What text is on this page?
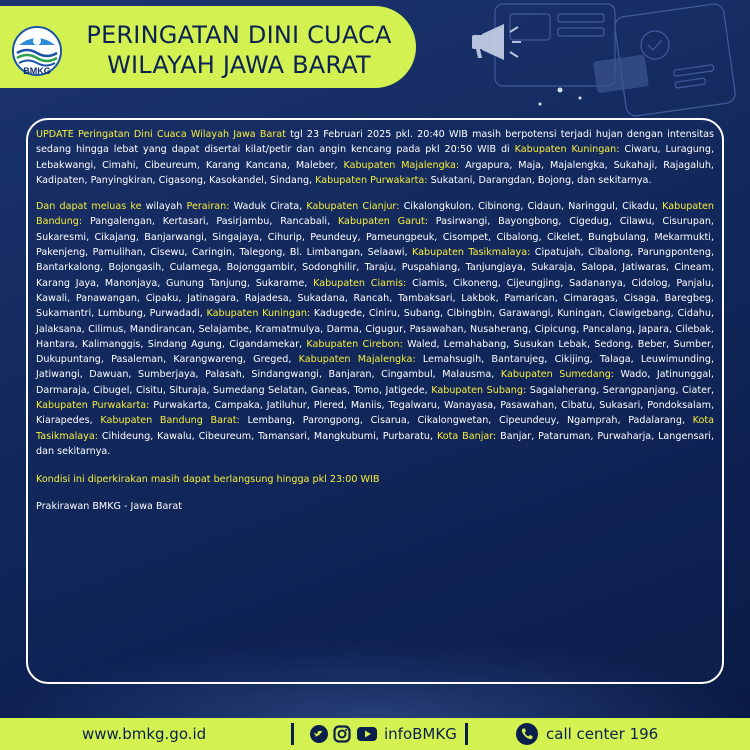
BMKG
PERINGATAN DINI CUACA
WILAYAH JAWA BARAT

UPDATE Peringatan Dini Cuaca Wilayah Jawa Barat tgl 23 Februari 2025 pkl. 20:40 WIB masih berpotensi terjadi hujan dengan intensitas sedang hingga lebat yang dapat disertai kilat/petir dan angin kencang pada pkl 20:50 WIB di Kabupaten Kuningan: Ciwaru, Luragung, Lebakwangi, Cimahi, Cibeureum, Karang Kancana, Maleber, Kabupaten Majalengka: Argapura, Maja, Majalengka, Sukahaji, Rajagaluh, Kadipaten, Panyingkiran, Cigasong, Kasokandel, Sindang, Kabupaten Purwakarta: Sukatani, Darangdan, Bojong, dan sekitarnya.

Dan dapat meluas ke wilayah Perairan: Waduk Cirata, Kabupaten Cianjur: Cikalongkulon, Cibinong, Cidaun, Naringgul, Cikadu, Kabupaten Bandung: Pangalengan, Kertasari, Pasirjambu, Rancabali, Kabupaten Garut: Pasirwangi, Bayongbong, Cigedug, Cilawu, Cisurupan, Sukaresmi, Cikajang, Banjarwangi, Singajaya, Cihurip, Peundeuy, Pameungpeuk, Cisompet, Cibalong, Cikelet, Bungbulang, Mekarmukti, Pakenjeng, Pamulihan, Cisewu, Caringin, Talegong, Bl. Limbangan, Selaawi, Kabupaten Tasikmalaya: Cipatujah, Cibalong, Parungponteng, Bantarkalong, Bojongasih, Culamega, Bojonggambir, Sodonghilir, Taraju, Puspahiang, Tanjungjaya, Sukaraja, Salopa, Jatiwaras, Cineam, Karang Jaya, Manonjaya, Gunung Tanjung, Sukarame, Kabupaten Ciamis: Ciamis, Cikoneng, Cijeungjing, Sadananya, Cidolog, Panjalu, Kawali, Panawangan, Cipaku, Jatinagara, Rajadesa, Sukadana, Rancah, Tambaksari, Lakbok, Pamarican, Cimaragas, Cisaga, Baregbeg, Sukamantri, Lumbung, Purwadadi, Kabupaten Kuningan: Kadugede, Ciniru, Subang, Cibingbin, Garawangi, Kuningan, Ciawigebang, Cidahu, Jalaksana, Cilimus, Mandirancan, Selajambe, Kramatmulya, Darma, Cigugur, Pasawahan, Nusaherang, Cipicung, Pancalang, Japara, Cilebak, Hantara, Kalimanggis, Sindang Agung, Cigandamekar, Kabupaten Cirebon: Waled, Lemahabang, Susukan Lebak, Sedong, Beber, Sumber, Dukupuntang, Pasaleman, Karangwareng, Greged, Kabupaten Majalengka: Lemahsugih, Bantarujeg, Cikijing, Talaga, Leuwimunding, Jatiwangi, Dawuan, Sumberjaya, Palasah, Sindangwangi, Banjaran, Cingambul, Malausma, Kabupaten Sumedang: Wado, Jatinunggal, Darmaraja, Cibugel, Cisitu, Situraja, Sumedang Selatan, Ganeas, Tomo, Jatigede, Kabupaten Subang: Sagalaherang, Serangpanjang, Ciater, Kabupaten Purwakarta: Purwakarta, Campaka, Jatiluhur, Plered, Maniis, Tegalwaru, Wanayasa, Pasawahan, Cibatu, Sukasari, Pondoksalam, Kiarapedes, Kabupaten Bandung Barat: Lembang, Parongpong, Cisarua, Cikalongwetan, Cipeundeuy, Ngamprah, Padalarang, Kota Tasikmalaya: Cihideung, Kawalu, Cibeureum, Tamansari, Mangkubumi, Purbaratu, Kota Banjar: Banjar, Pataruman, Purwaharja, Langensari, dan sekitarnya.

Kondisi ini diperkirakan masih dapat berlangsung hingga pkl 23:00 WIB

Prakirawan BMKG - Jawa Barat

www.bmkg.go.id	infoBMKG	call center 196
